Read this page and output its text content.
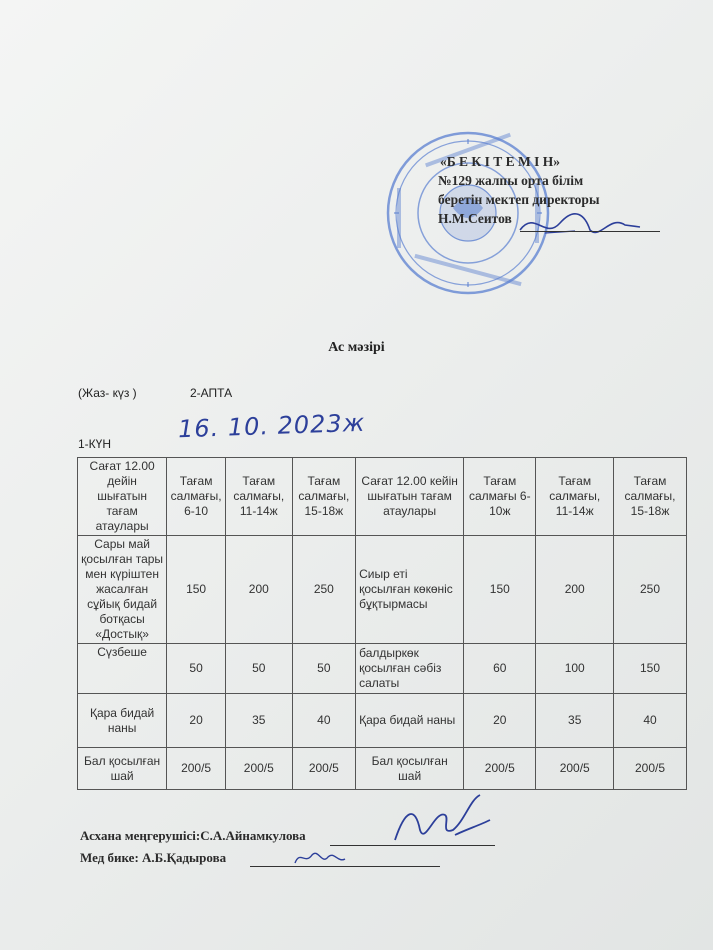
«Б Е К І Т Е М І Н»
№129 жалпы орта білім
беретін мектеп директоры
Н.М.Сеитов
Ас мәзірі
(Жаз- күз )	2-АПТА
1-КҮН
16. 10. 2023ж
Сағат 12.00 дейін шығатын тағам атаулары	Тағам салмағы, 6-10	Тағам салмағы, 11-14ж	Тағам салмағы, 15-18ж	Сағат 12.00 кейін шығатын тағам атаулары	Тағам салмағы 6-10ж	Тағам салмағы, 11-14ж	Тағам салмағы, 15-18ж
Сары май қосылған тары мен күріштен жасалған сұйық бидай ботқасы «Достық»	150	200	250	Сиыр еті қосылған көкөніс бұқтырмасы	150	200	250
Сүзбеше	50	50	50	балдыркөк қосылған сәбіз салаты	60	100	150
Қара бидай наны	20	35	40	Қара бидай наны	20	35	40
Бал қосылған шай	200/5	200/5	200/5	Бал қосылған шай	200/5	200/5	200/5
Асхана меңгерушісі:С.А.Айнамкулова
Мед бике: А.Б.Қадырова
